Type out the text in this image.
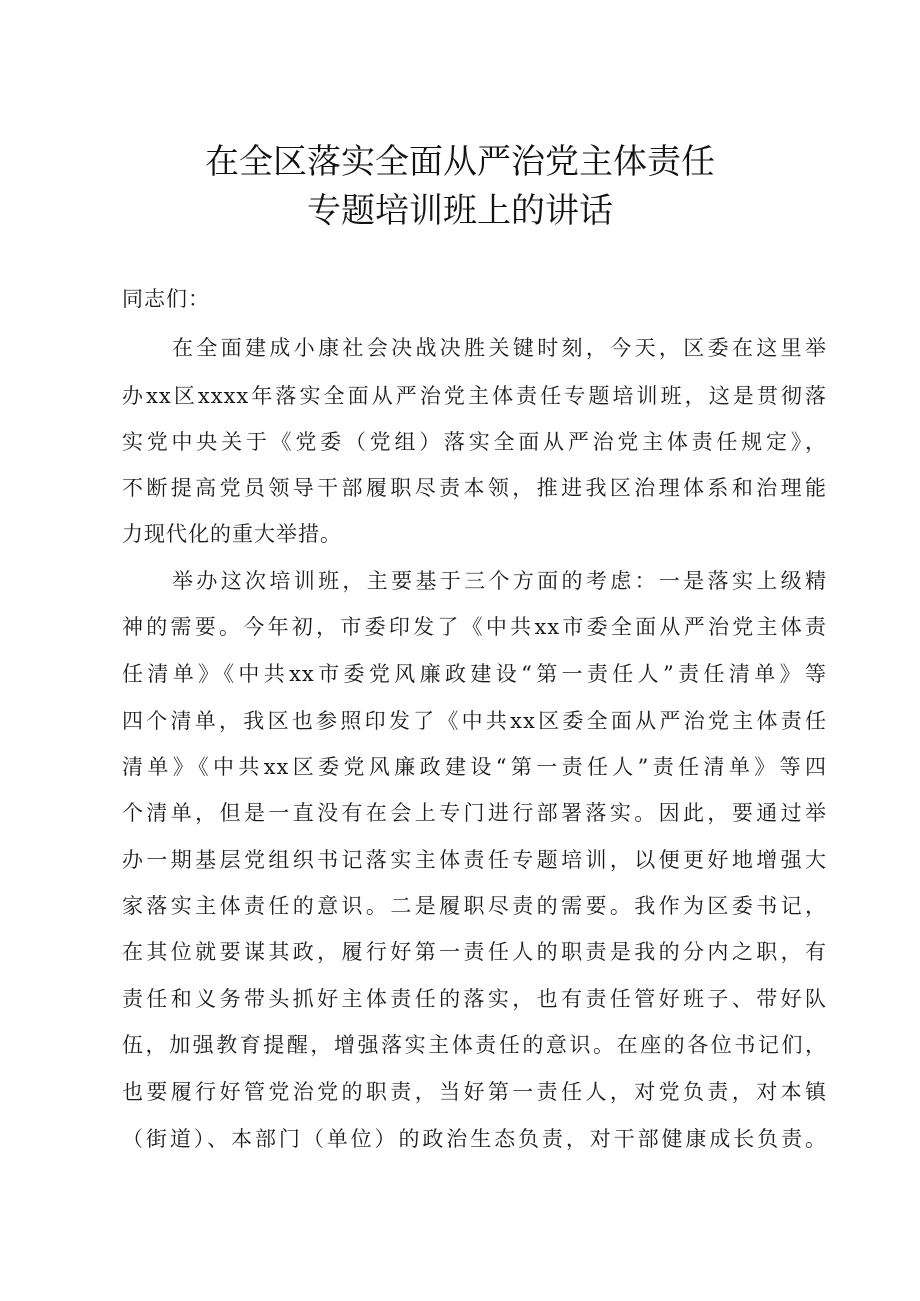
在全区落实全面从严治党主体责任
专题培训班上的讲话
同志们：
在全面建成小康社会决战决胜关键时刻，今天，区委在这里举
办xx区xxxx年落实全面从严治党主体责任专题培训班，这是贯彻落
实党中央关于《党委（党组）落实全面从严治党主体责任规定》，
不断提高党员领导干部履职尽责本领，推进我区治理体系和治理能
力现代化的重大举措。
举办这次培训班，主要基于三个方面的考虑：一是落实上级精
神的需要。今年初，市委印发了《中共xx市委全面从严治党主体责
任清单》《中共xx市委党风廉政建设“第一责任人”责任清单》等
四个清单，我区也参照印发了《中共xx区委全面从严治党主体责任
清单》《中共xx区委党风廉政建设“第一责任人”责任清单》等四
个清单，但是一直没有在会上专门进行部署落实。因此，要通过举
办一期基层党组织书记落实主体责任专题培训，以便更好地增强大
家落实主体责任的意识。二是履职尽责的需要。我作为区委书记，
在其位就要谋其政，履行好第一责任人的职责是我的分内之职，有
责任和义务带头抓好主体责任的落实，也有责任管好班子、带好队
伍，加强教育提醒，增强落实主体责任的意识。在座的各位书记们，
也要履行好管党治党的职责，当好第一责任人，对党负责，对本镇
（街道）、本部门（单位）的政治生态负责，对干部健康成长负责。
